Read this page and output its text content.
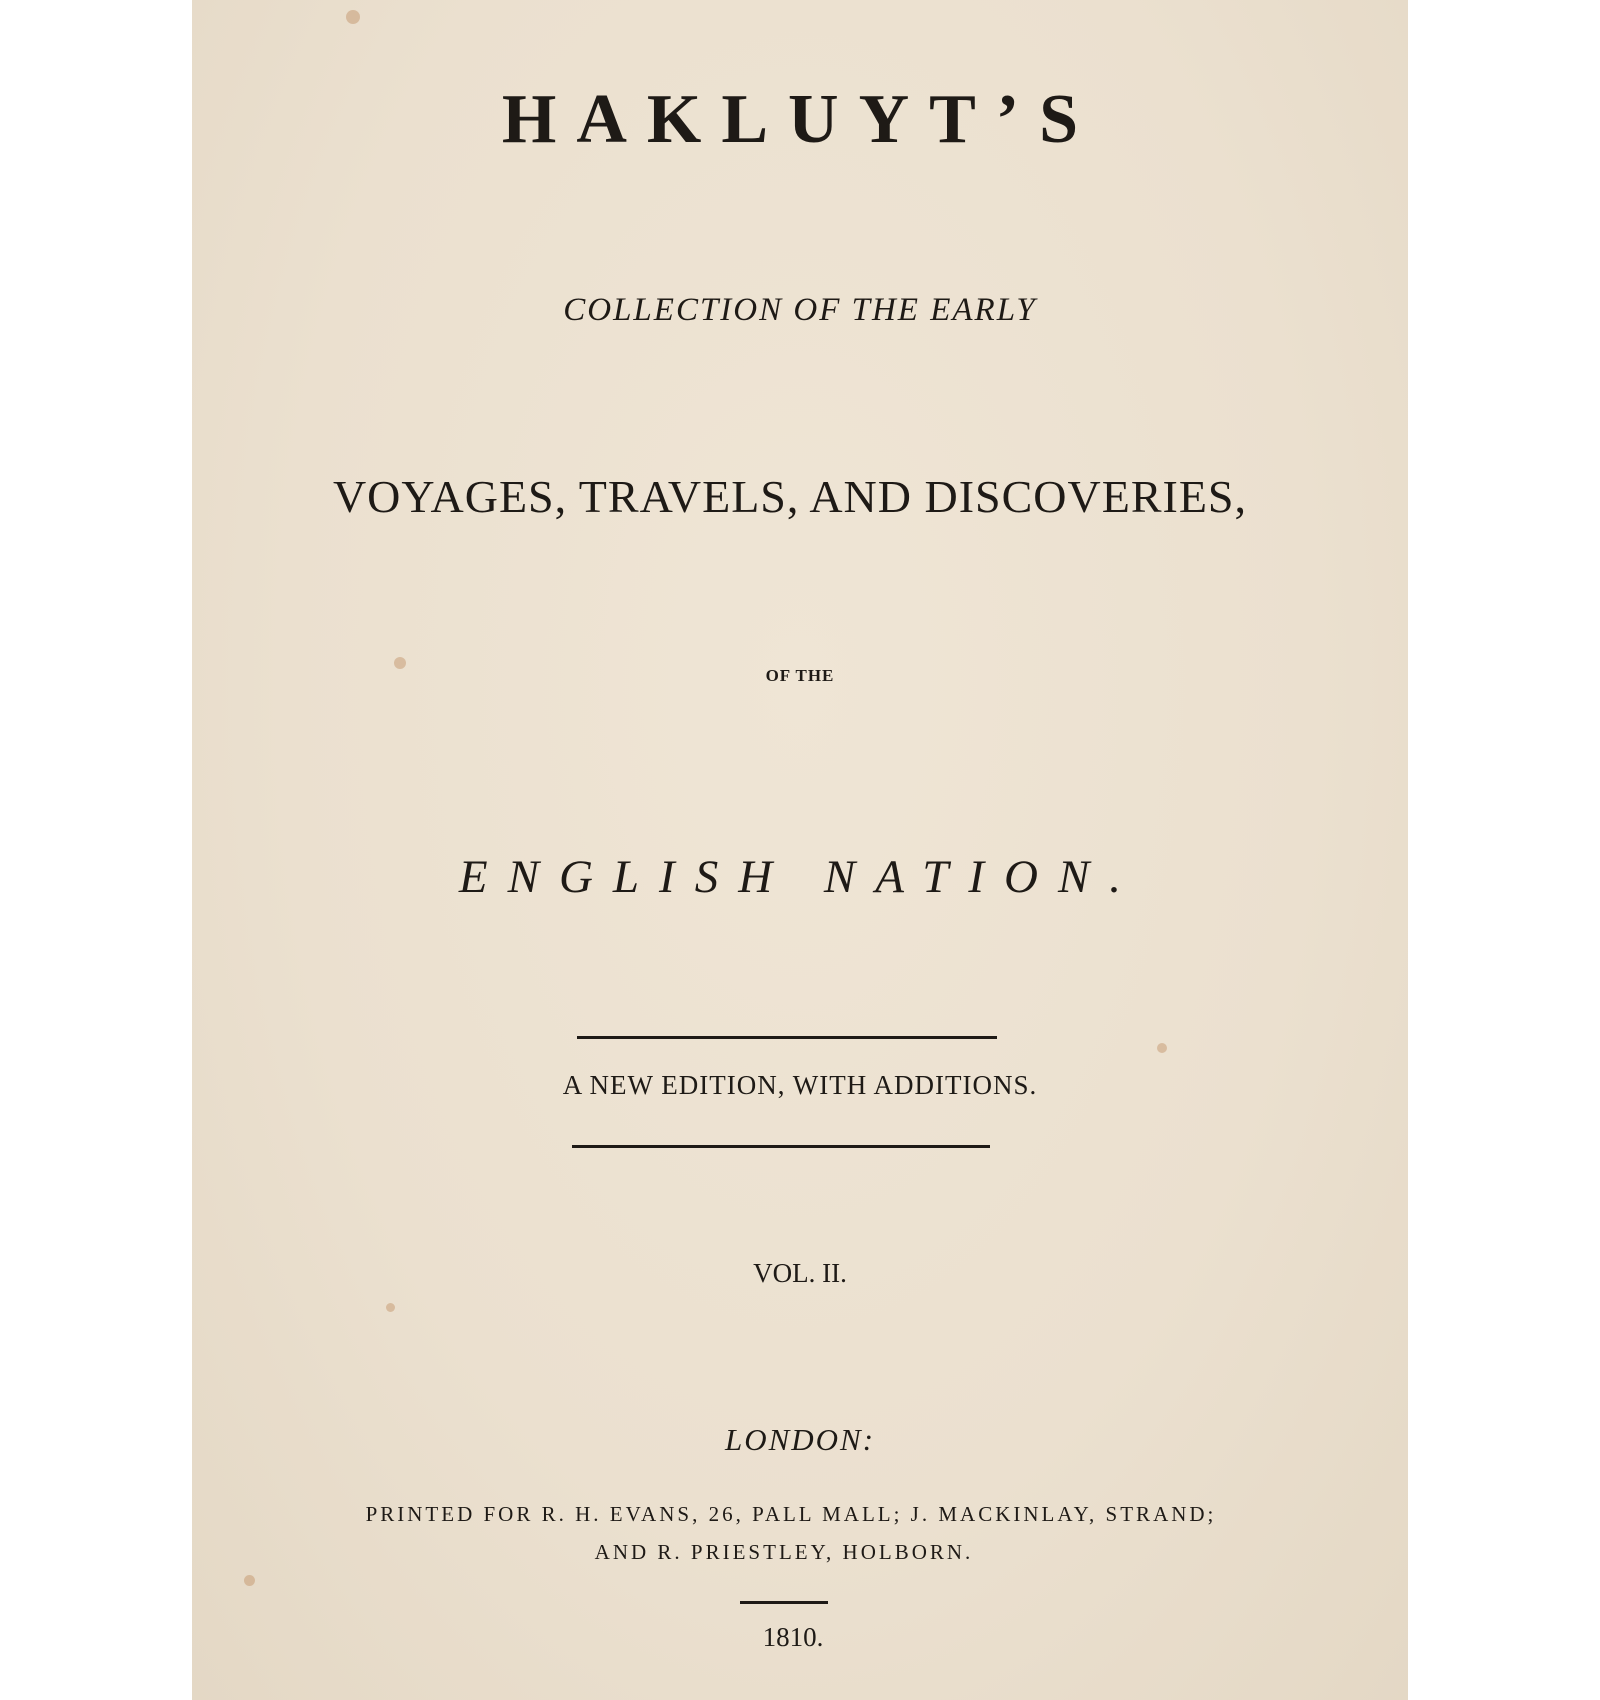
HAKLUYT’S
COLLECTION OF THE EARLY
VOYAGES, TRAVELS, AND DISCOVERIES,
OF THE
ENGLISH NATION.
A NEW EDITION, WITH ADDITIONS.
VOL. II.
LONDON:
PRINTED FOR R. H. EVANS, 26, PALL MALL; J. MACKINLAY, STRAND;
AND R. PRIESTLEY, HOLBORN.
1810.
